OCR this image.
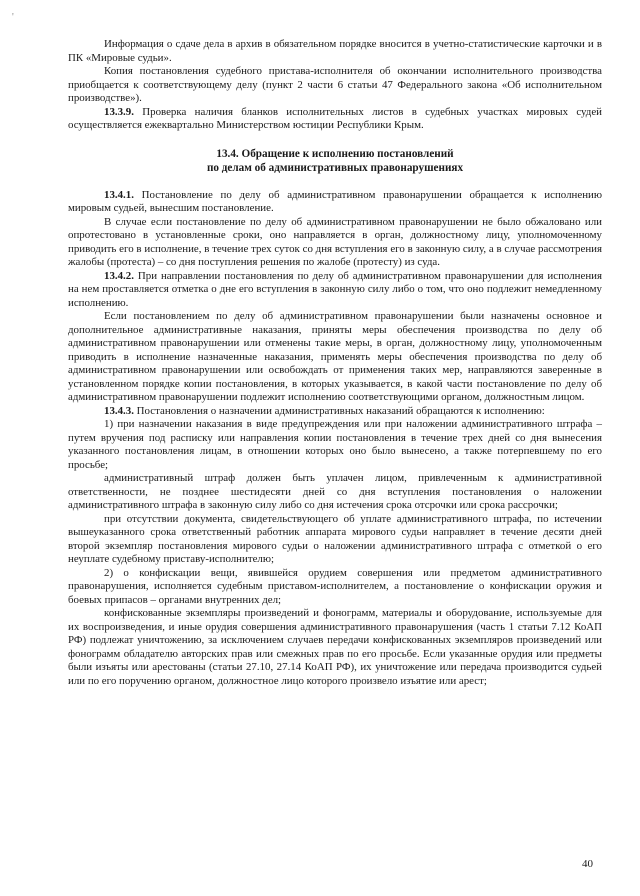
'

Информация о сдаче дела в архив в обязательном порядке вносится в учетно-статистические карточки и в ПК «Мировые судьи».

Копия постановления судебного пристава-исполнителя об окончании исполнительного производства приобщается к соответствующему делу (пункт 2 части 6 статьи 47 Федерального закона «Об исполнительном производстве»).

13.3.9. Проверка наличия бланков исполнительных листов в судебных участках мировых судей осуществляется ежеквартально Министерством юстиции Республики Крым.

13.4. Обращение к исполнению постановлений
по делам об административных правонарушениях

13.4.1. Постановление по делу об административном правонарушении обращается к исполнению мировым судьей, вынесшим постановление.

В случае если постановление по делу об административном правонарушении не было обжаловано или опротестовано в установленные сроки, оно направляется в орган, должностному лицу, уполномоченному приводить его в исполнение, в течение трех суток со дня вступления его в законную силу, а в случае рассмотрения жалобы (протеста) – со дня поступления решения по жалобе (протесту) из суда.

13.4.2. При направлении постановления по делу об административном правонарушении для исполнения на нем проставляется отметка о дне его вступления в законную силу либо о том, что оно подлежит немедленному исполнению.

Если постановлением по делу об административном правонарушении были назначены основное и дополнительное административные наказания, приняты меры обеспечения производства по делу об административном правонарушении или отменены такие меры, в орган, должностному лицу, уполномоченным приводить в исполнение назначенные наказания, применять меры обеспечения производства по делу об административном правонарушении или освобождать от применения таких мер, направляются заверенные в установленном порядке копии постановления, в которых указывается, в какой части постановление по делу об административном правонарушении подлежит исполнению соответствующими органом, должностным лицом.

13.4.3. Постановления о назначении административных наказаний обращаются к исполнению:

1) при назначении наказания в виде предупреждения или при наложении административного штрафа – путем вручения под расписку или направления копии постановления в течение трех дней со дня вынесения указанного постановления лицам, в отношении которых оно было вынесено, а также потерпевшему по его просьбе;

административный штраф должен быть уплачен лицом, привлеченным к административной ответственности, не позднее шестидесяти дней со дня вступления постановления о наложении административного штрафа в законную силу либо со дня истечения срока отсрочки или срока рассрочки;

при отсутствии документа, свидетельствующего об уплате административного штрафа, по истечении вышеуказанного срока ответственный работник аппарата мирового судьи направляет в течение десяти дней второй экземпляр постановления мирового судьи о наложении административного штрафа с отметкой о его неуплате судебному приставу-исполнителю;

2) о конфискации вещи, явившейся орудием совершения или предметом административного правонарушения, исполняется судебным приставом-исполнителем, а постановление о конфискации оружия и боевых припасов – органами внутренних дел;

конфискованные экземпляры произведений и фонограмм, материалы и оборудование, используемые для их воспроизведения, и иные орудия совершения административного правонарушения (часть 1 статьи 7.12 КоАП РФ) подлежат уничтожению, за исключением случаев передачи конфискованных экземпляров произведений или фонограмм обладателю авторских прав или смежных прав по его просьбе. Если указанные орудия или предметы были изъяты или арестованы (статьи 27.10, 27.14 КоАП РФ), их уничтожение или передача производится судьей или по его поручению органом, должностное лицо которого произвело изъятие или арест;

40
